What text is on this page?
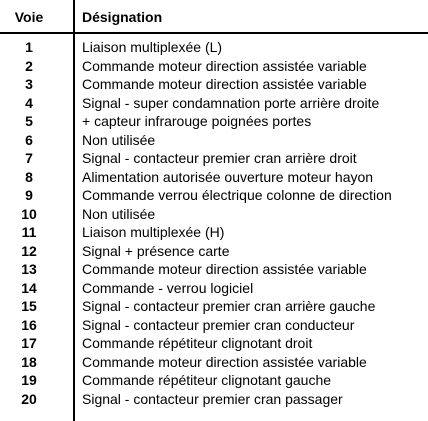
Voie	Désignation
1	Liaison multiplexée (L)
2	Commande moteur direction assistée variable
3	Commande moteur direction assistée variable
4	Signal - super condamnation porte arrière droite
5	+ capteur infrarouge poignées portes
6	Non utilisée
7	Signal - contacteur premier cran arrière droit
8	Alimentation autorisée ouverture moteur hayon
9	Commande verrou électrique colonne de direction
10	Non utilisée
11	Liaison multiplexée (H)
12	Signal + présence carte
13	Commande moteur direction assistée variable
14	Commande - verrou logiciel
15	Signal - contacteur premier cran arrière gauche
16	Signal - contacteur premier cran conducteur
17	Commande répétiteur clignotant droit
18	Commande moteur direction assistée variable
19	Commande répétiteur clignotant gauche
20	Signal - contacteur premier cran passager
